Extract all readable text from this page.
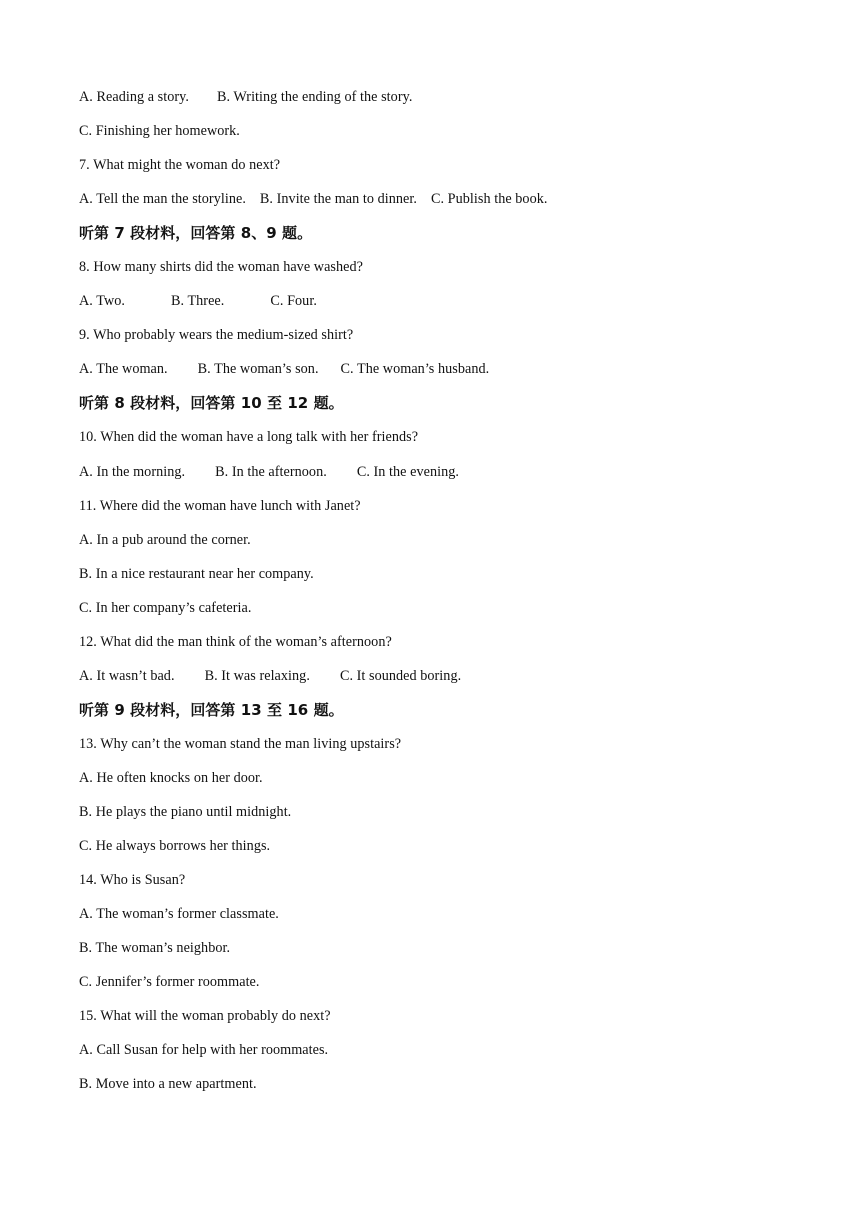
A. Reading a story. B. Writing the ending of the story.
C. Finishing her homework.
7. What might the woman do next?
A. Tell the man the storyline. B. Invite the man to dinner. C. Publish the book.
听第 7 段材料，回答第 8、9 题。
8. How many shirts did the woman have washed?
A. Two.	B. Three.	C. Four.
9. Who probably wears the medium-sized shirt?
A. The woman. B. The woman’s son. C. The woman’s husband.
听第 8 段材料，回答第 10 至 12 题。
10. When did the woman have a long talk with her friends?
A. In the morning. B. In the afternoon. C. In the evening.
11. Where did the woman have lunch with Janet?
A. In a pub around the corner.
B. In a nice restaurant near her company.
C. In her company’s cafeteria.
12. What did the man think of the woman’s afternoon?
A. It wasn’t bad. B. It was relaxing. C. It sounded boring.
听第 9 段材料，回答第 13 至 16 题。
13. Why can’t the woman stand the man living upstairs?
A. He often knocks on her door.
B. He plays the piano until midnight.
C. He always borrows her things.
14. Who is Susan?
A. The woman’s former classmate.
B. The woman’s neighbor.
C. Jennifer’s former roommate.
15. What will the woman probably do next?
A. Call Susan for help with her roommates.
B. Move into a new apartment.
